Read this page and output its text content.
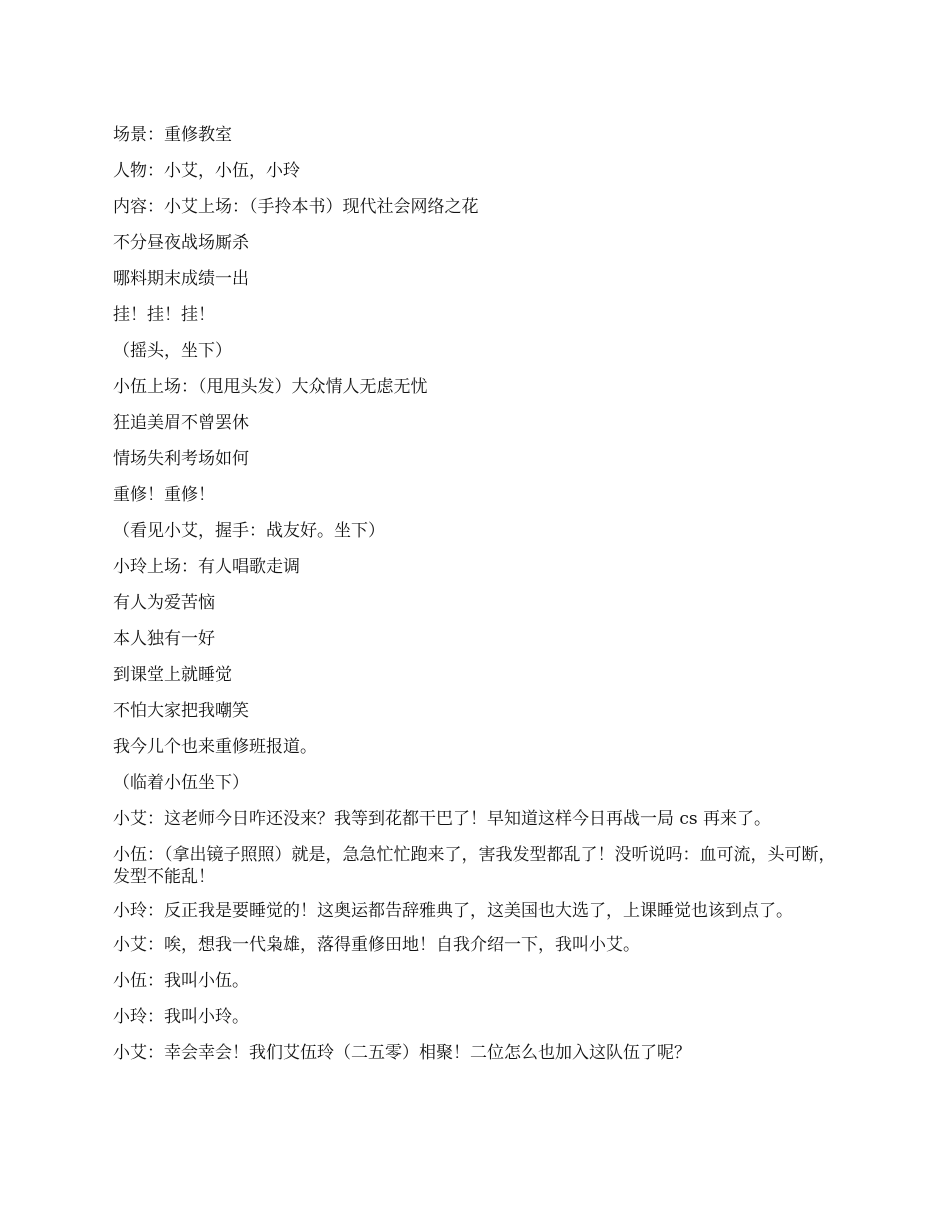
场景：重修教室
人物：小艾，小伍，小玲
内容：小艾上场：（手拎本书）现代社会网络之花
不分昼夜战场厮杀
哪料期末成绩一出
挂！挂！挂！
（摇头，坐下）
小伍上场：（甩甩头发）大众情人无虑无忧
狂追美眉不曾罢休
情场失利考场如何
重修！重修！
（看见小艾，握手：战友好。坐下）
小玲上场：有人唱歌走调
有人为爱苦恼
本人独有一好
到课堂上就睡觉
不怕大家把我嘲笑
我今儿个也来重修班报道。
（临着小伍坐下）
小艾：这老师今日咋还没来？我等到花都干巴了！早知道这样今日再战一局 cs 再来了。
小伍：（拿出镜子照照）就是，急急忙忙跑来了，害我发型都乱了！没听说吗：血可流，头可断，发型不能乱！
小玲：反正我是要睡觉的！这奥运都告辞雅典了，这美国也大选了，上课睡觉也该到点了。
小艾：唉，想我一代枭雄，落得重修田地！自我介绍一下，我叫小艾。
小伍：我叫小伍。
小玲：我叫小玲。
小艾：幸会幸会！我们艾伍玲（二五零）相聚！二位怎么也加入这队伍了呢？
